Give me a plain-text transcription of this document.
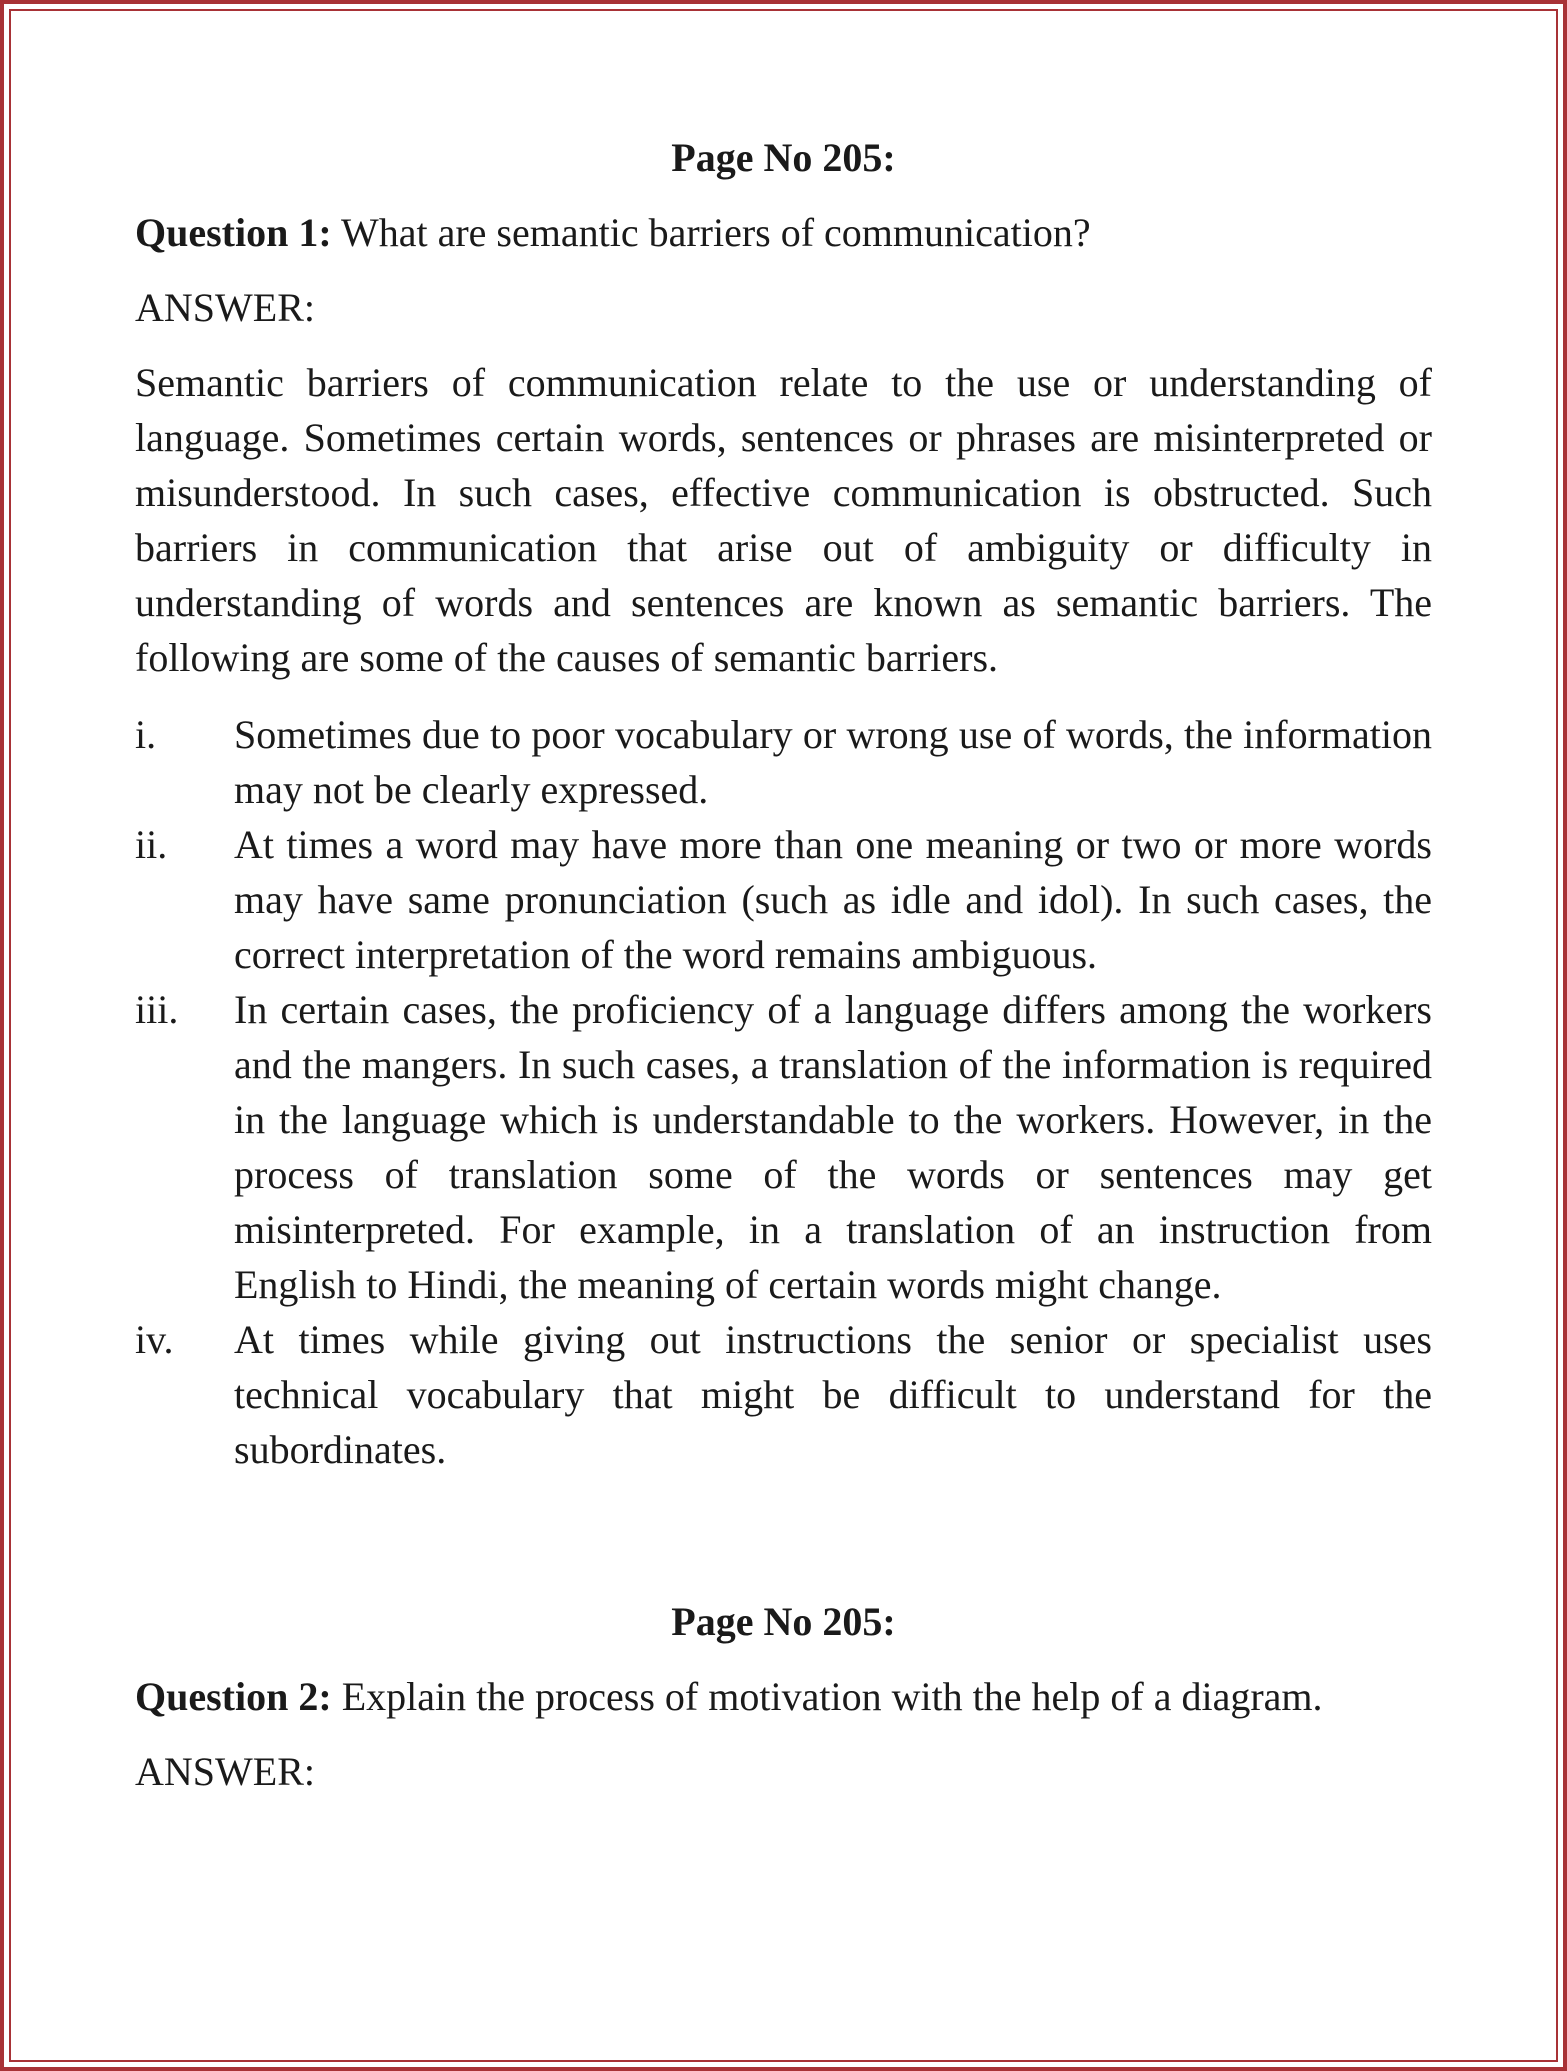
Page No 205:
Question 1: What are semantic barriers of communication?
ANSWER:
Semantic barriers of communication relate to the use or understanding of language. Sometimes certain words, sentences or phrases are misinterpreted or misunderstood. In such cases, effective communication is obstructed. Such barriers in communication that arise out of ambiguity or difficulty in understanding of words and sentences are known as semantic barriers. The following are some of the causes of semantic barriers.
i.	Sometimes due to poor vocabulary or wrong use of words, the information may not be clearly expressed.
ii.	At times a word may have more than one meaning or two or more words may have same pronunciation (such as idle and idol). In such cases, the correct interpretation of the word remains ambiguous.
iii.	In certain cases, the proficiency of a language differs among the workers and the mangers. In such cases, a translation of the information is required in the language which is understandable to the workers. However, in the process of translation some of the words or sentences may get misinterpreted. For example, in a translation of an instruction from English to Hindi, the meaning of certain words might change.
iv.	At times while giving out instructions the senior or specialist uses technical vocabulary that might be difficult to understand for the subordinates.
Page No 205:
Question 2: Explain the process of motivation with the help of a diagram.
ANSWER:
